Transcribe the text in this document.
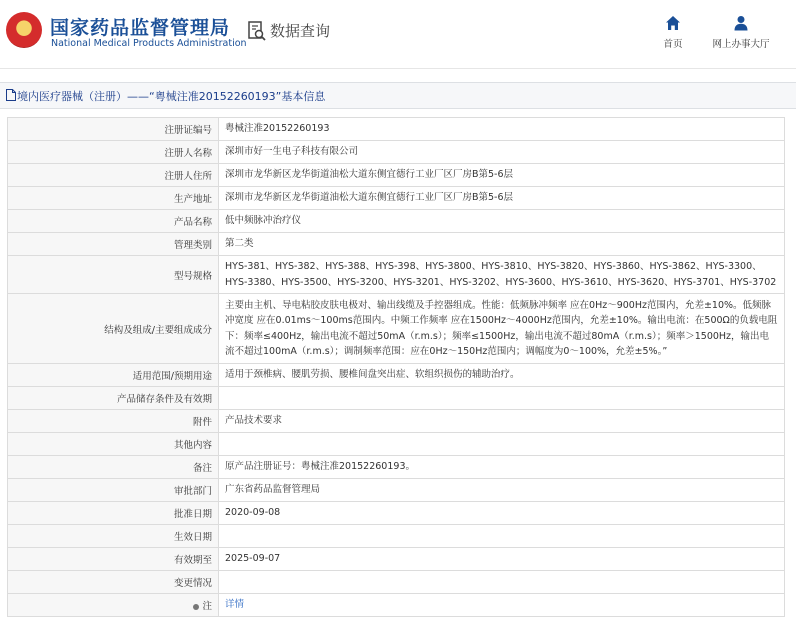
国家药品监督管理局
National Medical Products Administration
数据查询
首页	网上办事大厅
境内医疗器械（注册）——“粤械注准20152260193”基本信息
注册证编号	粤械注准20152260193
注册人名称	深圳市好一生电子科技有限公司
注册人住所	深圳市龙华新区龙华街道油松大道东侧宜德行工业厂区厂房B第5-6层
生产地址	深圳市龙华新区龙华街道油松大道东侧宜德行工业厂区厂房B第5-6层
产品名称	低中频脉冲治疗仪
管理类别	第二类
型号规格	HYS-381、HYS-382、HYS-388、HYS-398、HYS-3800、HYS-3810、HYS-3820、HYS-3860、HYS-3862、HYS-3300、HYS-3380、HYS-3500、HYS-3200、HYS-3201、HYS-3202、HYS-3600、HYS-3610、HYS-3620、HYS-3701、HYS-3702
结构及组成/主要组成成分	主要由主机、导电粘胶皮肤电极对、输出线缆及手控器组成。性能：低频脉冲频率 应在0Hz～900Hz范围内，允差±10%。低频脉冲宽度 应在0.01ms～100ms范围内。中频工作频率 应在1500Hz～4000Hz范围内，允差±10%。输出电流：在500Ω的负载电阻下：频率≤400Hz，输出电流不超过50mA（r.m.s）；频率≤1500Hz，输出电流不超过80mA（r.m.s）；频率＞1500Hz，输出电流不超过100mA（r.m.s）；调制频率范围：应在0Hz～150Hz范围内；调幅度为0～100%，允差±5%。”
适用范围/预期用途	适用于颈椎病、腰肌劳损、腰椎间盘突出症、软组织损伤的辅助治疗。
产品储存条件及有效期	
附件	产品技术要求
其他内容	
备注	原产品注册证号：粤械注准20152260193。
审批部门	广东省药品监督管理局
批准日期	2020-09-08
生效日期	
有效期至	2025-09-07
变更情况	
注	详情
